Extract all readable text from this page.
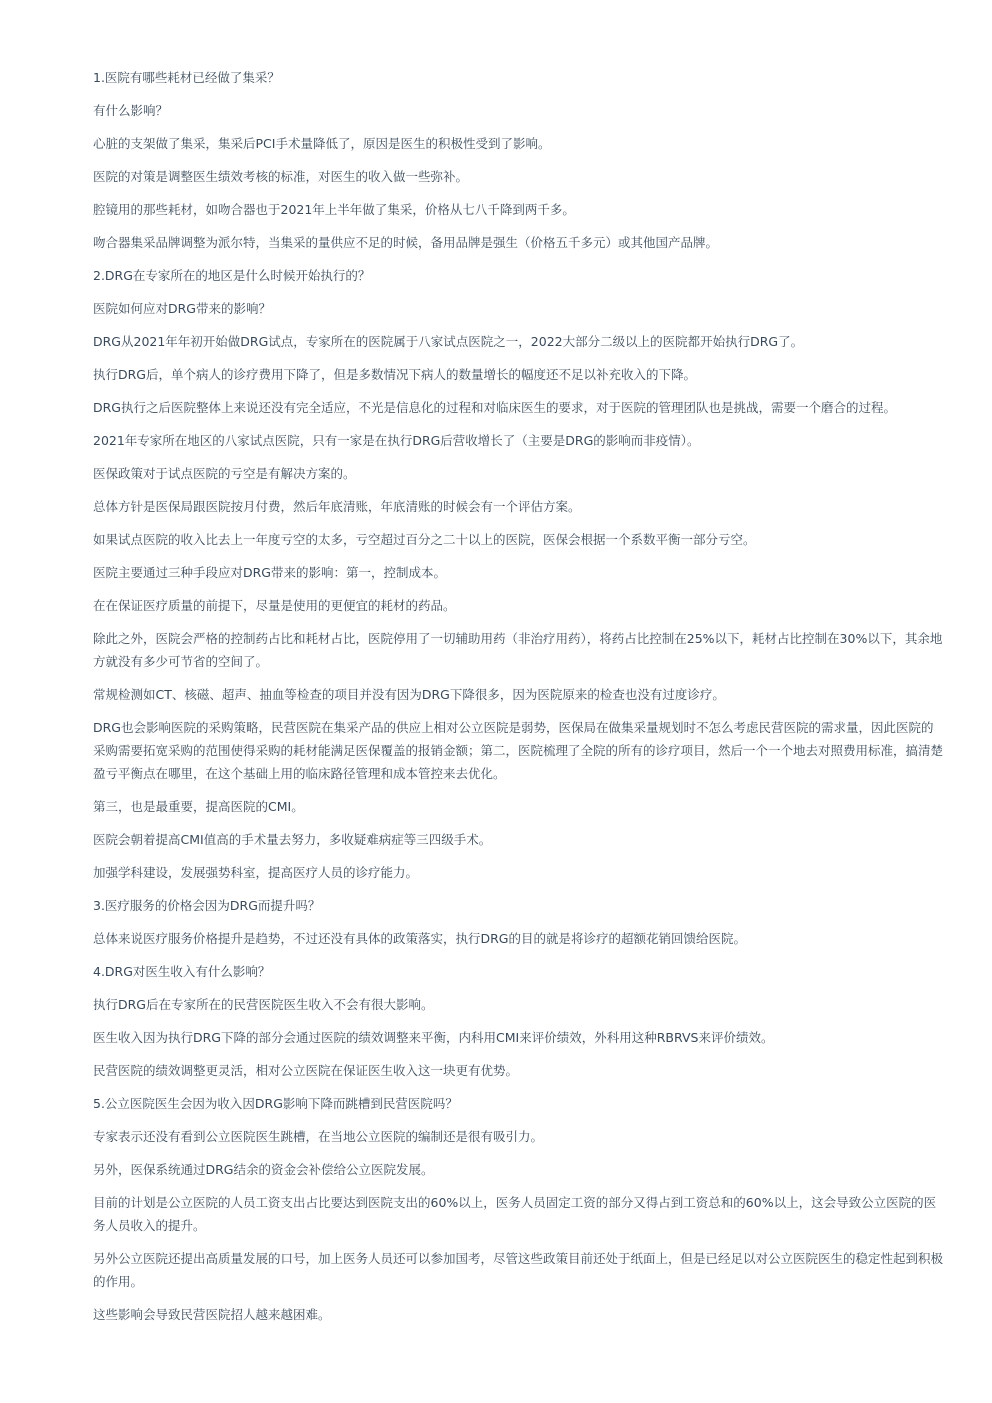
1.医院有哪些耗材已经做了集采？

有什么影响？

心脏的支架做了集采，集采后PCI手术量降低了，原因是医生的积极性受到了影响。

医院的对策是调整医生绩效考核的标准，对医生的收入做一些弥补。

腔镜用的那些耗材，如吻合器也于2021年上半年做了集采，价格从七八千降到两千多。

吻合器集采品牌调整为派尔特，当集采的量供应不足的时候，备用品牌是强生（价格五千多元）或其他国产品牌。

2.DRG在专家所在的地区是什么时候开始执行的？

医院如何应对DRG带来的影响？

DRG从2021年年初开始做DRG试点，专家所在的医院属于八家试点医院之一，2022大部分二级以上的医院都开始执行DRG了。

执行DRG后，单个病人的诊疗费用下降了，但是多数情况下病人的数量增长的幅度还不足以补充收入的下降。

DRG执行之后医院整体上来说还没有完全适应，不光是信息化的过程和对临床医生的要求，对于医院的管理团队也是挑战，需要一个磨合的过程。

2021年专家所在地区的八家试点医院，只有一家是在执行DRG后营收增长了（主要是DRG的影响而非疫情）。

医保政策对于试点医院的亏空是有解决方案的。

总体方针是医保局跟医院按月付费，然后年底清账，年底清账的时候会有一个评估方案。

如果试点医院的收入比去上一年度亏空的太多，亏空超过百分之二十以上的医院，医保会根据一个系数平衡一部分亏空。

医院主要通过三种手段应对DRG带来的影响：第一，控制成本。

在在保证医疗质量的前提下，尽量是使用的更便宜的耗材的药品。

除此之外，医院会严格的控制药占比和耗材占比，医院停用了一切辅助用药（非治疗用药），将药占比控制在25%以下，耗材占比控制在30%以下，其余地方就没有多少可节省的空间了。

常规检测如CT、核磁、超声、抽血等检查的项目并没有因为DRG下降很多，因为医院原来的检查也没有过度诊疗。

DRG也会影响医院的采购策略，民营医院在集采产品的供应上相对公立医院是弱势，医保局在做集采量规划时不怎么考虑民营医院的需求量，因此医院的采购需要拓宽采购的范围使得采购的耗材能满足医保覆盖的报销金额；第二，医院梳理了全院的所有的诊疗项目，然后一个一个地去对照费用标准，搞清楚盈亏平衡点在哪里，在这个基础上用的临床路径管理和成本管控来去优化。

第三，也是最重要，提高医院的CMI。

医院会朝着提高CMI值高的手术量去努力，多收疑难病症等三四级手术。

加强学科建设，发展强势科室，提高医疗人员的诊疗能力。

3.医疗服务的价格会因为DRG而提升吗？

总体来说医疗服务价格提升是趋势，不过还没有具体的政策落实，执行DRG的目的就是将诊疗的超额花销回馈给医院。

4.DRG对医生收入有什么影响？

执行DRG后在专家所在的民营医院医生收入不会有很大影响。

医生收入因为执行DRG下降的部分会通过医院的绩效调整来平衡，内科用CMI来评价绩效，外科用这种RBRVS来评价绩效。

民营医院的绩效调整更灵活，相对公立医院在保证医生收入这一块更有优势。

5.公立医院医生会因为收入因DRG影响下降而跳槽到民营医院吗？

专家表示还没有看到公立医院医生跳槽，在当地公立医院的编制还是很有吸引力。

另外，医保系统通过DRG结余的资金会补偿给公立医院发展。

目前的计划是公立医院的人员工资支出占比要达到医院支出的60%以上，医务人员固定工资的部分又得占到工资总和的60%以上，这会导致公立医院的医务人员收入的提升。

另外公立医院还提出高质量发展的口号，加上医务人员还可以参加国考，尽管这些政策目前还处于纸面上，但是已经足以对公立医院医生的稳定性起到积极的作用。

这些影响会导致民营医院招人越来越困难。
